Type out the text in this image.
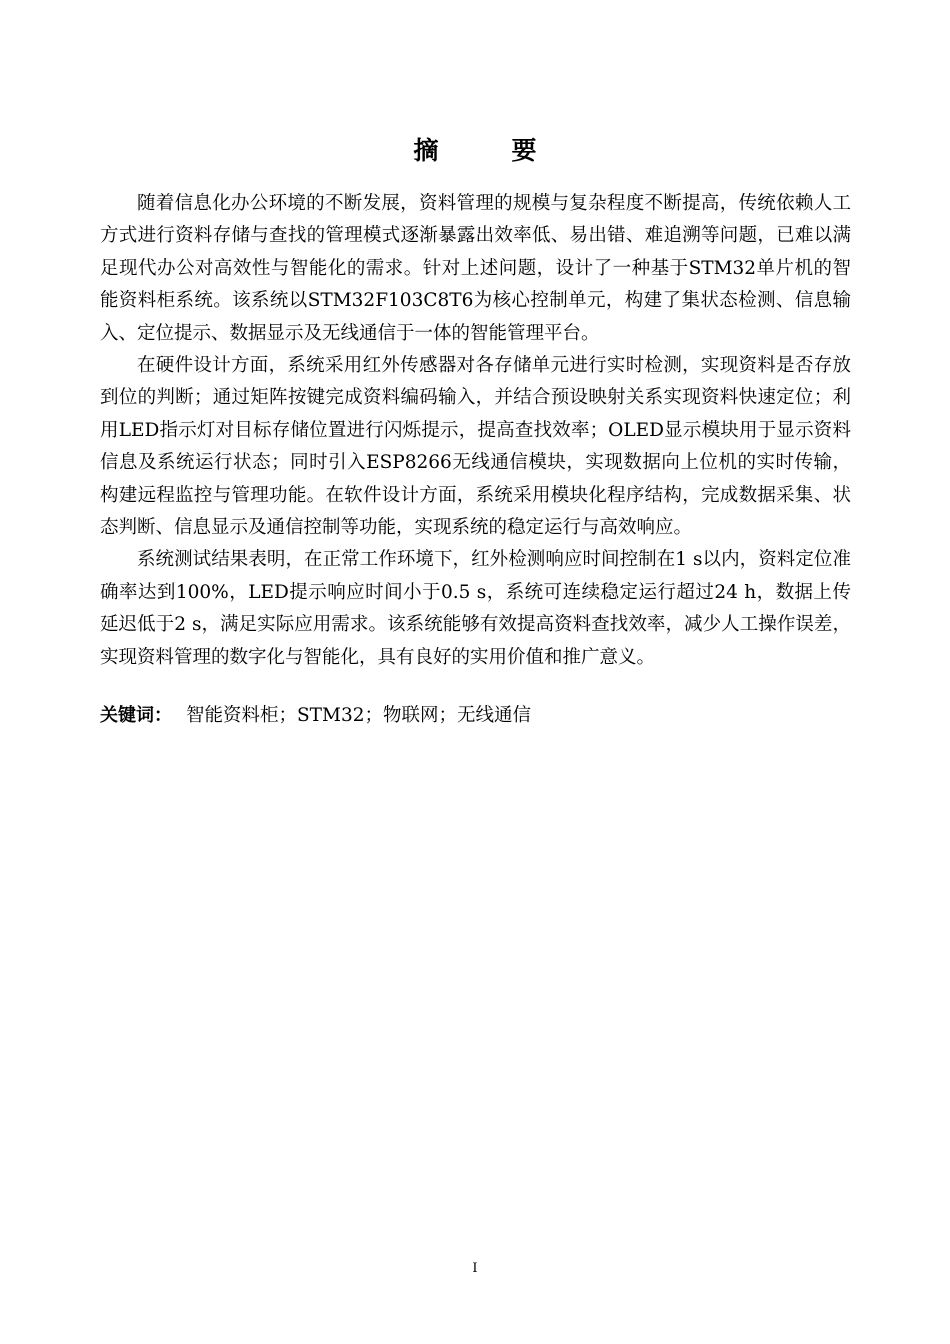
摘　要

随着信息化办公环境的不断发展，资料管理的规模与复杂程度不断提高，传统依赖人工方式进行资料存储与查找的管理模式逐渐暴露出效率低、易出错、难追溯等问题，已难以满足现代办公对高效性与智能化的需求。针对上述问题，设计了一种基于STM32单片机的智能资料柜系统。该系统以STM32F103C8T6为核心控制单元，构建了集状态检测、信息输入、定位提示、数据显示及无线通信于一体的智能管理平台。

在硬件设计方面，系统采用红外传感器对各存储单元进行实时检测，实现资料是否存放到位的判断；通过矩阵按键完成资料编码输入，并结合预设映射关系实现资料快速定位；利用LED指示灯对目标存储位置进行闪烁提示，提高查找效率；OLED显示模块用于显示资料信息及系统运行状态；同时引入ESP8266无线通信模块，实现数据向上位机的实时传输，构建远程监控与管理功能。在软件设计方面，系统采用模块化程序结构，完成数据采集、状态判断、信息显示及通信控制等功能，实现系统的稳定运行与高效响应。

系统测试结果表明，在正常工作环境下，红外检测响应时间控制在1 s以内，资料定位准确率达到100%，LED提示响应时间小于0.5 s，系统可连续稳定运行超过24 h，数据上传延迟低于2 s，满足实际应用需求。该系统能够有效提高资料查找效率，减少人工操作误差，实现资料管理的数字化与智能化，具有良好的实用价值和推广意义。

关键词： 智能资料柜；STM32；物联网；无线通信
I
